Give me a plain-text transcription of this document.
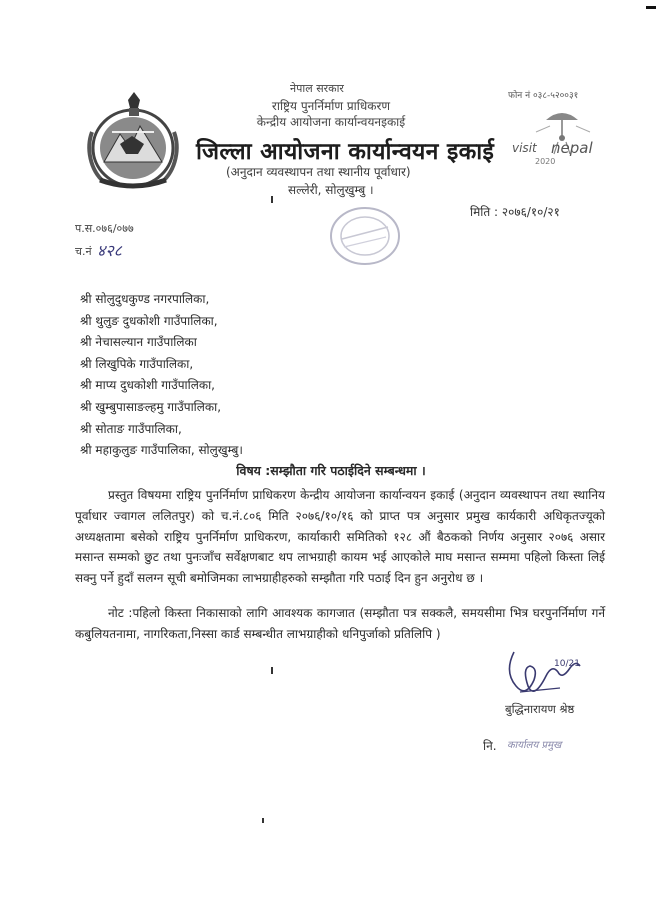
नेपाल सरकार
राष्ट्रिय पुनर्निर्माण प्राधिकरण
केन्द्रीय आयोजना कार्यान्वयनइकाई
जिल्ला आयोजना कार्यान्वयन इकाई
(अनुदान व्यवस्थापन तथा स्थानीय पूर्वाधार)
सल्लेरी, सोलुखुम्बु ।
फोन नं ०३८-५२००३१
visit nepal
2020
मिति : २०७६/१०/२१
प.स.०७६/०७७
च.नं ४२८
श्री सोलुदुधकुण्ड नगरपालिका,
श्री थुलुङ दुधकोशी गाउँपालिका,
श्री नेचासल्यान गाउँपालिका
श्री लिखुपिके गाउँपालिका,
श्री माप्य दुधकोशी गाउँपालिका,
श्री खुम्बुपासाङल्हमु गाउँपालिका,
श्री सोताङ गाउँपालिका,
श्री महाकुलुङ गाउँपालिका, सोलुखुम्बु।
विषय :सम्झौता गरि पठाईदिने सम्बन्धमा ।
प्रस्तुत विषयमा राष्ट्रिय पुनर्निर्माण प्राधिकरण केन्द्रीय आयोजना कार्यान्वयन इकाई (अनुदान व्यवस्थापन तथा स्थानिय पूर्वाधार ज्वागल ललितपुर) को च.नं.८०६ मिति २०७६/१०/१६ को प्राप्त पत्र अनुसार प्रमुख कार्यकारी अधिकृतज्यूको अध्यक्षतामा बसेको राष्ट्रिय पुनर्निर्माण प्राधिकरण, कार्याकारी समितिको १२८ औं बैठकको निर्णय अनुसार २०७६ असार मसान्त सम्मको छुट तथा पुनःजाँच सर्वेक्षणबाट थप लाभग्राही कायम भई आएकोले माघ मसान्त सम्ममा पहिलो किस्ता लिई सक्नु पर्ने हुदाँ सलग्न सूची बमोजिमका लाभग्राहीहरुको सम्झौता गरि पठाई दिन हुन अनुरोध छ ।
नोट :पहिलो किस्ता निकासाको लागि आवश्यक कागजात (सम्झौता पत्र सक्कलै, समयसीमा भित्र घरपुनर्निर्माण गर्ने कबुलियतनामा, नागरिकता,निस्सा कार्ड सम्बन्धीत लाभग्राहीको धनिपुर्जाको प्रतिलिपि )
10/21
बुद्धिनारायण श्रेष्ठ
नि. कार्यालय प्रमुख
